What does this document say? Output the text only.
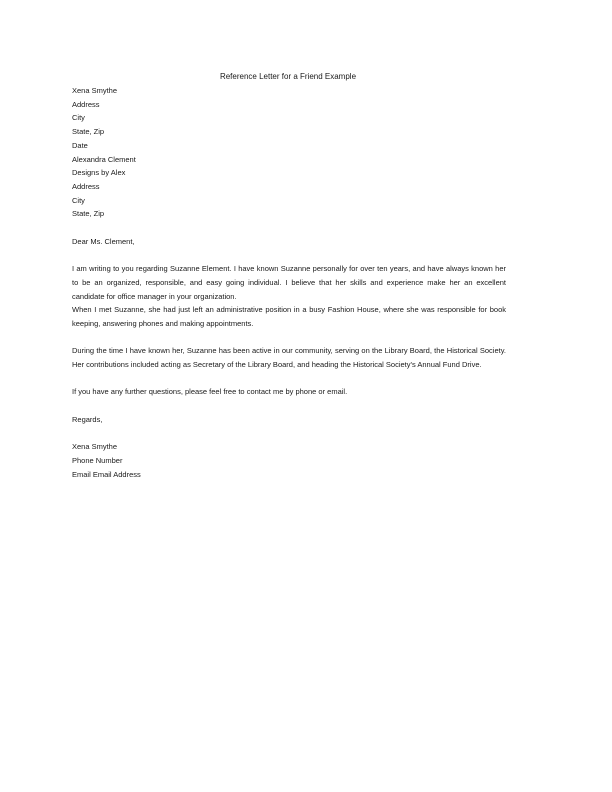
Reference Letter for a Friend Example
Xena Smythe
Address
City
State, Zip
Date
Alexandra Clement
Designs by Alex
Address
City
State, Zip
Dear Ms. Clement,
I am writing to you regarding Suzanne Element. I have known Suzanne personally for over ten years, and have always known her to be an organized, responsible, and easy going individual. I believe that her skills and experience make her an excellent candidate for office manager in your organization.
When I met Suzanne, she had just left an administrative position in a busy Fashion House, where she was responsible for book keeping, answering phones and making appointments.
During the time I have known her, Suzanne has been active in our community, serving on the Library Board, the Historical Society. Her contributions included acting as Secretary of the Library Board, and heading the Historical Society's Annual Fund Drive.
If you have any further questions, please feel free to contact me by phone or email.
Regards,
Xena Smythe
Phone Number
Email Email Address
